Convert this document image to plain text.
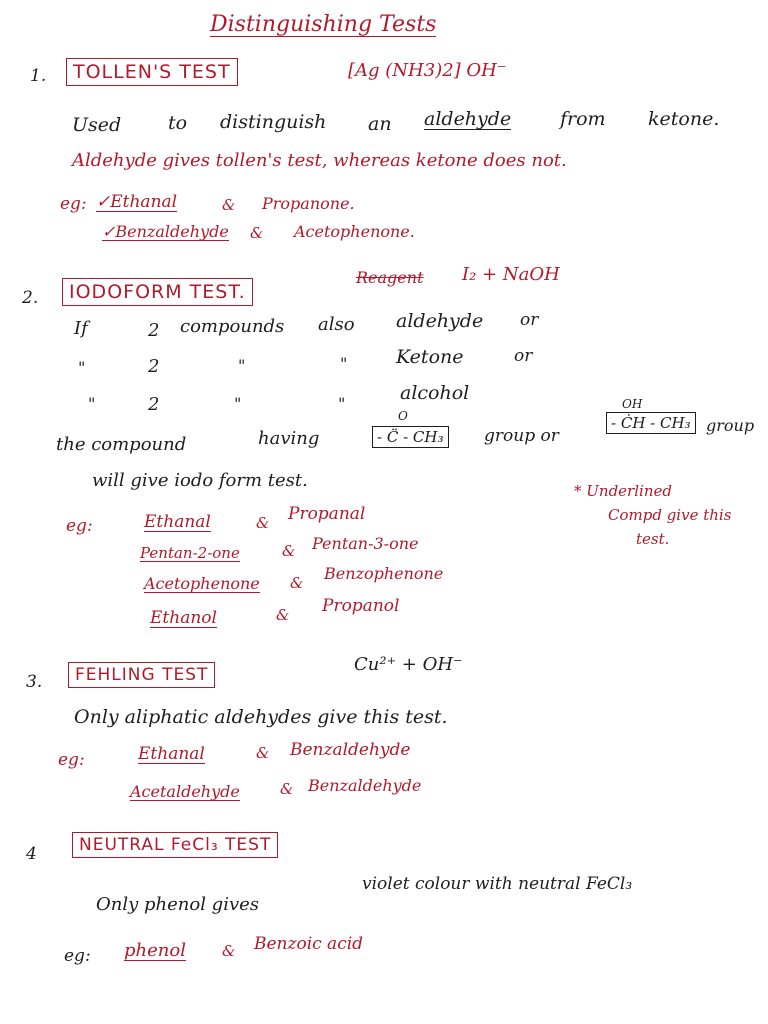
Distinguishing Tests
1.	TOLLEN'S TEST	[Ag (NH3)2] OH⁻
Used to distinguish an aldehyde	from ketone.
Aldehyde gives tollen's test, whereas ketone does not.
eg: ✓Ethanal	& Propanone.
✓Benzaldehyde & Acetophenone.
2.	IODOFORM TEST.
Reagent I₂ + NaOH
If	2 compounds also aldehyde or
"	2	"	"	Ketone	or
"	2	"	"	alcohol
the compound	having
O
- C̈ - CH₃ group or
OH
- ĊH - CH₃ group
will give iodo form test.
eg:	Ethanal	& Propanal
Pentan-2-one	& Pentan-3-one
Acetophenone & Benzophenone
Ethanol	& Propanol
* Underlined
Compd give this
test.
3.	FEHLING TEST	Cu²⁺ + OH⁻
Only aliphatic aldehydes give this test.
eg:	Ethanal	& Benzaldehyde
Acetaldehyde	& Benzaldehyde
4	NEUTRAL FeCl₃ TEST
Only phenol gives
violet colour with neutral FeCl₃
eg: phenol & Benzoic acid
